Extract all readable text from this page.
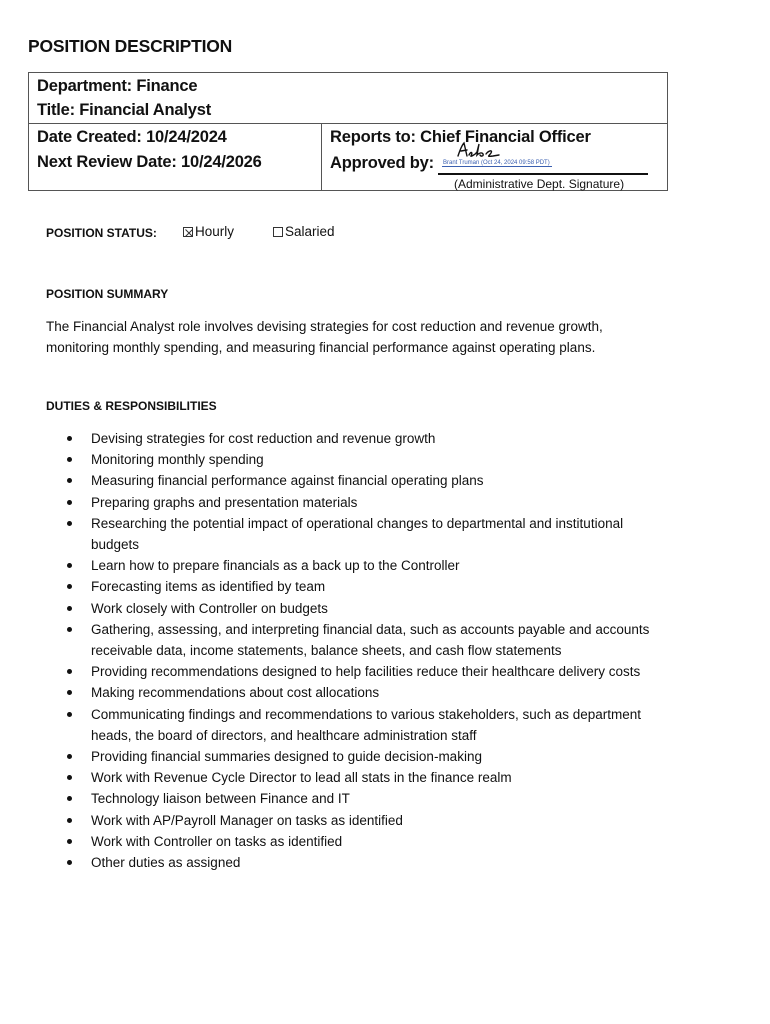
POSITION DESCRIPTION
Department: Finance
Title: Financial Analyst
Date Created: 10/24/2024
Next Review Date: 10/24/2026
Reports to: Chief Financial Officer
Approved by: Brant Truman (Oct 24, 2024 09:58 PDT)
(Administrative Dept. Signature)
POSITION STATUS:	Hourly	Salaried
POSITION SUMMARY
The Financial Analyst role involves devising strategies for cost reduction and revenue growth, monitoring monthly spending, and measuring financial performance against operating plans.
DUTIES & RESPONSIBILITIES
Devising strategies for cost reduction and revenue growth
Monitoring monthly spending
Measuring financial performance against financial operating plans
Preparing graphs and presentation materials
Researching the potential impact of operational changes to departmental and institutional budgets
Learn how to prepare financials as a back up to the Controller
Forecasting items as identified by team
Work closely with Controller on budgets
Gathering, assessing, and interpreting financial data, such as accounts payable and accounts receivable data, income statements, balance sheets, and cash flow statements
Providing recommendations designed to help facilities reduce their healthcare delivery costs
Making recommendations about cost allocations
Communicating findings and recommendations to various stakeholders, such as department heads, the board of directors, and healthcare administration staff
Providing financial summaries designed to guide decision-making
Work with Revenue Cycle Director to lead all stats in the finance realm
Technology liaison between Finance and IT
Work with AP/Payroll Manager on tasks as identified
Work with Controller on tasks as identified
Other duties as assigned
